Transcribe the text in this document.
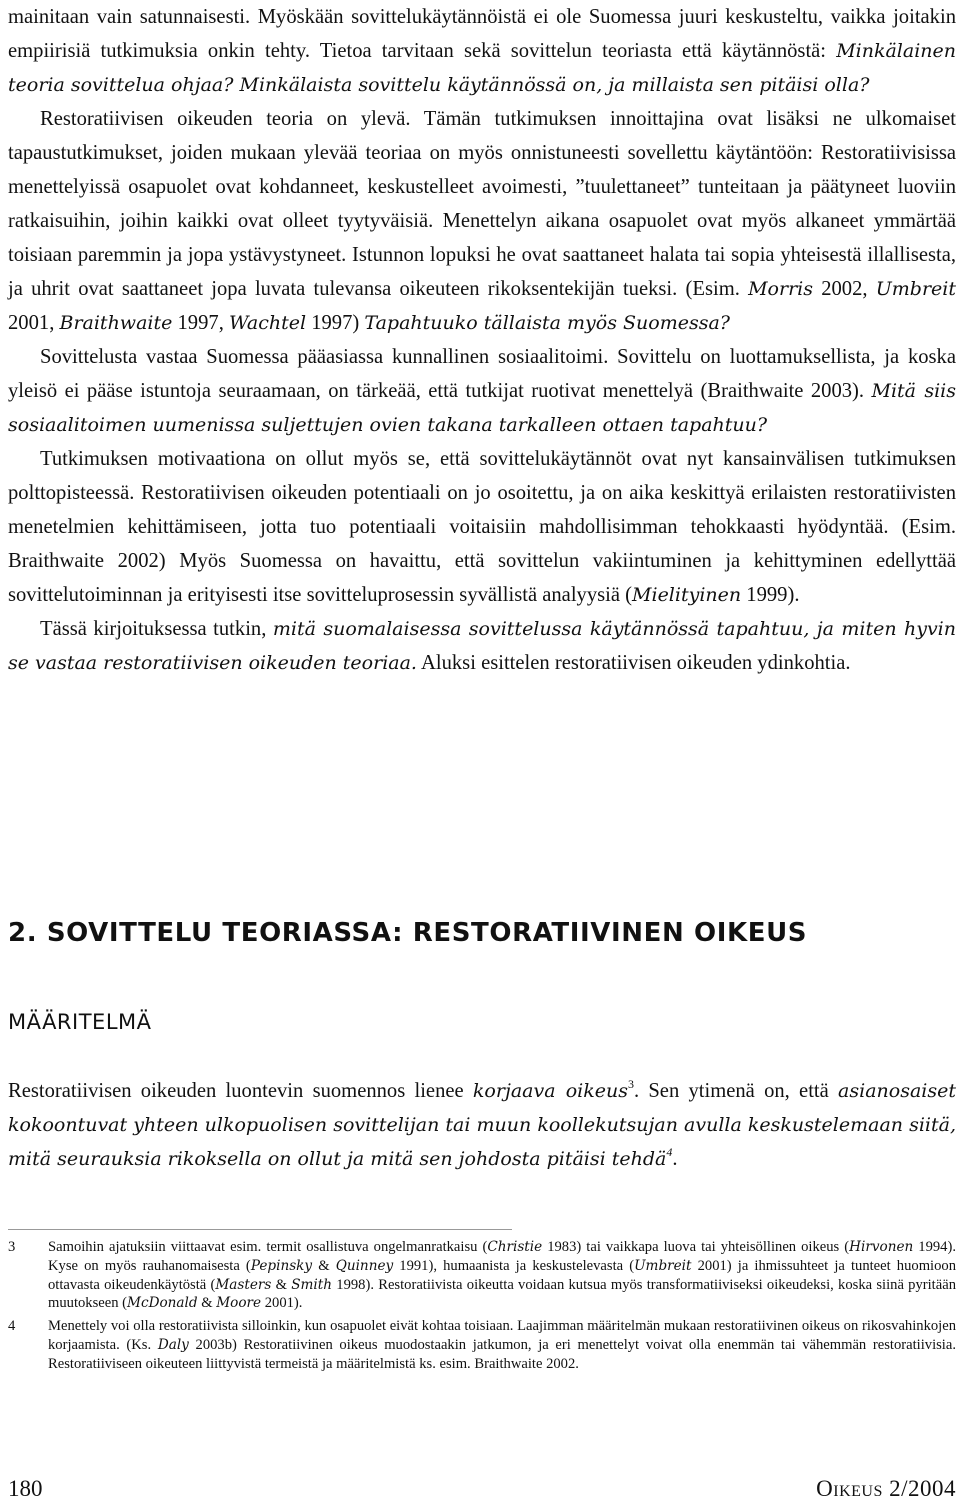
mainitaan vain satunnaisesti. Myöskään sovittelukäytännöistä ei ole Suomessa juuri keskusteltu, vaikka joitakin empiirisiä tutkimuksia onkin tehty. Tietoa tarvitaan sekä sovittelun teoriasta että käytännöstä: Minkälainen teoria sovittelua ohjaa? Minkälaista sovittelu käytännössä on, ja millaista sen pitäisi olla?

Restoratiivisen oikeuden teoria on ylevä. Tämän tutkimuksen innoittajina ovat lisäksi ne ulkomaiset tapaustutkimukset, joiden mukaan ylevää teoriaa on myös onnistuneesti sovellettu käytäntöön: Restoratiivisissa menettelyissä osapuolet ovat kohdanneet, keskustelleet avoimesti, ”tuulettaneet” tunteitaan ja päätyneet luoviin ratkaisuihin, joihin kaikki ovat olleet tyytyväisiä. Menettelyn aikana osapuolet ovat myös alkaneet ymmärtää toisiaan paremmin ja jopa ystävystyneet. Istunnon lopuksi he ovat saattaneet halata tai sopia yhteisestä illallisesta, ja uhrit ovat saattaneet jopa luvata tulevansa oikeuteen rikoksentekijän tueksi. (Esim. Morris 2002, Umbreit 2001, Braithwaite 1997, Wachtel 1997) Tapahtuuko tällaista myös Suomessa?

Sovittelusta vastaa Suomessa pääasiassa kunnallinen sosiaalitoimi. Sovittelu on luottamuksellista, ja koska yleisö ei pääse istuntoja seuraamaan, on tärkeää, että tutkijat ruotivat menettelyä (Braithwaite 2003). Mitä siis sosiaalitoimen uumenissa suljettujen ovien takana tarkalleen ottaen tapahtuu?

Tutkimuksen motivaationa on ollut myös se, että sovittelukäytännöt ovat nyt kansainvälisen tutkimuksen polttopisteessä. Restoratiivisen oikeuden potentiaali on jo osoitettu, ja on aika keskittyä erilaisten restoratiivisten menetelmien kehittämiseen, jotta tuo potentiaali voitaisiin mahdollisimman tehokkaasti hyödyntää. (Esim. Braithwaite 2002) Myös Suomessa on havaittu, että sovittelun vakiintuminen ja kehittyminen edellyttää sovittelutoiminnan ja erityisesti itse sovitteluprosessin syvällistä analyysiä (Mielityinen 1999).

Tässä kirjoituksessa tutkin, mitä suomalaisessa sovittelussa käytännössä tapahtuu, ja miten hyvin se vastaa restoratiivisen oikeuden teoriaa. Aluksi esittelen restoratiivisen oikeuden ydinkohtia.

2. SOVITTELU TEORIASSA: RESTORATIIVINEN OIKEUS
MÄÄRITELMÄ

Restoratiivisen oikeuden luontevin suomennos lienee korjaava oikeus$^3$. Sen ytimenä on, että asianosaiset kokoontuvat yhteen ulkopuolisen sovittelijan tai muun koollekutsujan avulla keskustelemaan siitä, mitä seurauksia rikoksella on ollut ja mitä sen johdosta pitäisi tehdä$^4$.

3	Samoihin ajatuksiin viittaavat esim. termit osallistuva ongelmanratkaisu (Christie 1983) tai vaikkapa luova tai yhteisöllinen oikeus (Hirvonen 1994). Kyse on myös rauhanomaisesta (Pepinsky & Quinney 1991), humaanista ja keskustelevasta (Umbreit 2001) ja ihmissuhteet ja tunteet huomioon ottavasta oikeudenkäytöstä (Masters & Smith 1998). Restoratiivista oikeutta voidaan kutsua myös transformatiiviseksi oikeudeksi, koska siinä pyritään muutokseen (McDonald & Moore 2001).
4	Menettely voi olla restoratiivista silloinkin, kun osapuolet eivät kohtaa toisiaan. Laajimman määritelmän mukaan restoratiivinen oikeus on rikosvahinkojen korjaamista. (Ks. Daly 2003b) Restoratiivinen oikeus muodostaakin jatkumon, ja eri menettelyt voivat olla enemmän tai vähemmän restoratiivisia. Restoratiiviseen oikeuteen liittyvistä termeistä ja määritelmistä ks. esim. Braithwaite 2002.
180	Oikeus 2/2004
